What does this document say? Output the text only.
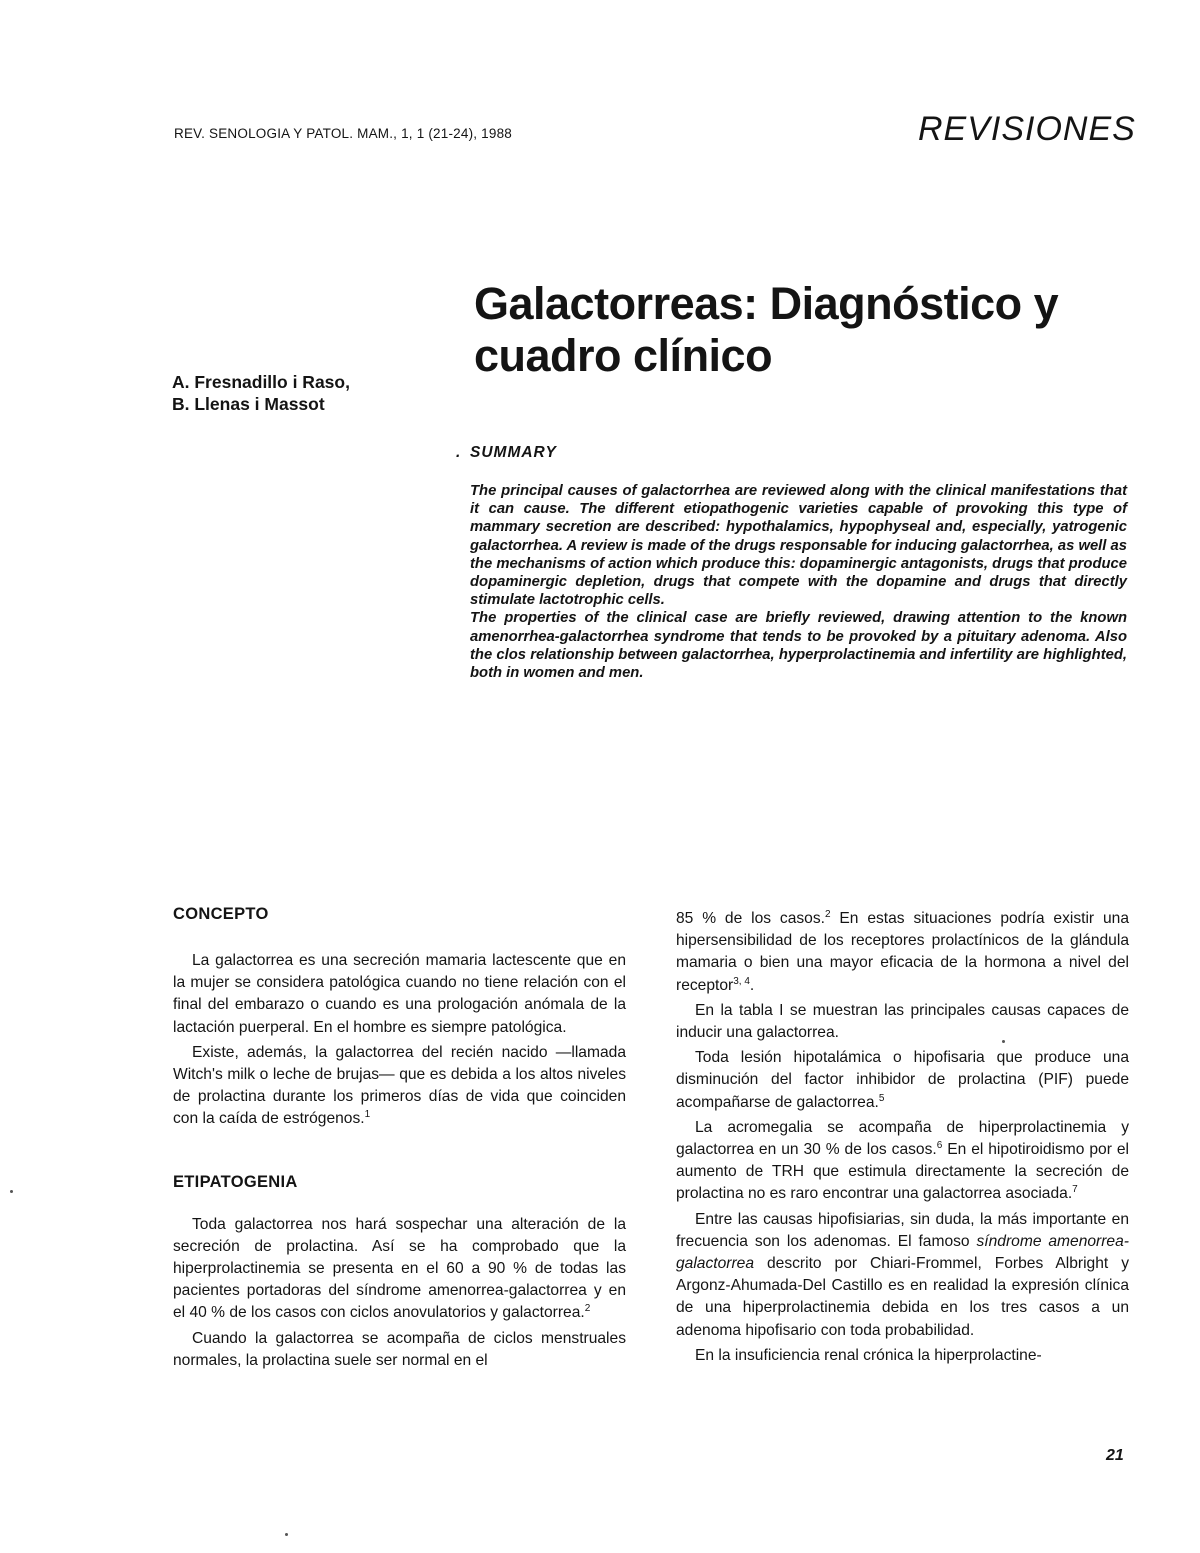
REV. SENOLOGIA Y PATOL. MAM., 1, 1 (21-24), 1988	REVISIONES
Galactorreas: Diagnóstico y cuadro clínico
A. Fresnadillo i Raso,
B. Llenas i Massot
. SUMMARY

The principal causes of galactorrhea are reviewed along with the clinical manifestations that it can cause. The different etiopathogenic varieties capable of provoking this type of mammary secretion are described: hypothalamics, hypophyseal and, especially, yatrogenic galactorrhea. A review is made of the drugs responsable for inducing galactorrhea, as well as the mechanisms of action which produce this: dopaminergic antagonists, drugs that produce dopaminergic depletion, drugs that compete with the dopamine and drugs that directly stimulate lactotrophic cells.

The properties of the clinical case are briefly reviewed, drawing attention to the known amenorrhea-galactorrhea syndrome that tends to be provoked by a pituitary adenoma. Also the clos relationship between galactorrhea, hyperprolactinemia and infertility are highlighted, both in women and men.

CONCEPTO

La galactorrea es una secreción mamaria lactescente que en la mujer se considera patológica cuando no tiene relación con el final del embarazo o cuando es una prologación anómala de la lactación puerperal. En el hombre es siempre patológica.

Existe, además, la galactorrea del recién nacido —llamada Witch's milk o leche de brujas— que es debida a los altos niveles de prolactina durante los primeros días de vida que coinciden con la caída de estrógenos.$^1$

ETIPATOGENIA

Toda galactorrea nos hará sospechar una alteración de la secreción de prolactina. Así se ha comprobado que la hiperprolactinemia se presenta en el 60 a 90 % de todas las pacientes portadoras del síndrome amenorrea-galactorrea y en el 40 % de los casos con ciclos anovulatorios y galactorrea.$^2$

Cuando la galactorrea se acompaña de ciclos menstruales normales, la prolactina suele ser normal en el

85 % de los casos.$^2$ En estas situaciones podría existir una hipersensibilidad de los receptores prolactínicos de la glándula mamaria o bien una mayor eficacia de la hormona a nivel del receptor$^{3, 4}$.

En la tabla I se muestran las principales causas capaces de inducir una galactorrea.

Toda lesión hipotalámica o hipofisaria que produce una disminución del factor inhibidor de prolactina (PIF) puede acompañarse de galactorrea.$^5$

La acromegalia se acompaña de hiperprolactinemia y galactorrea en un 30 % de los casos.$^6$ En el hipotiroidismo por el aumento de TRH que estimula directamente la secreción de prolactina no es raro encontrar una galactorrea asociada.$^7$

Entre las causas hipofisiarias, sin duda, la más importante en frecuencia son los adenomas. El famoso síndrome amenorrea-galactorrea descrito por Chiari-Frommel, Forbes Albright y Argonz-Ahumada-Del Castillo es en realidad la expresión clínica de una hiperprolactinemia debida en los tres casos a un adenoma hipofisario con toda probabilidad.

En la insuficiencia renal crónica la hiperprolactine-

21
